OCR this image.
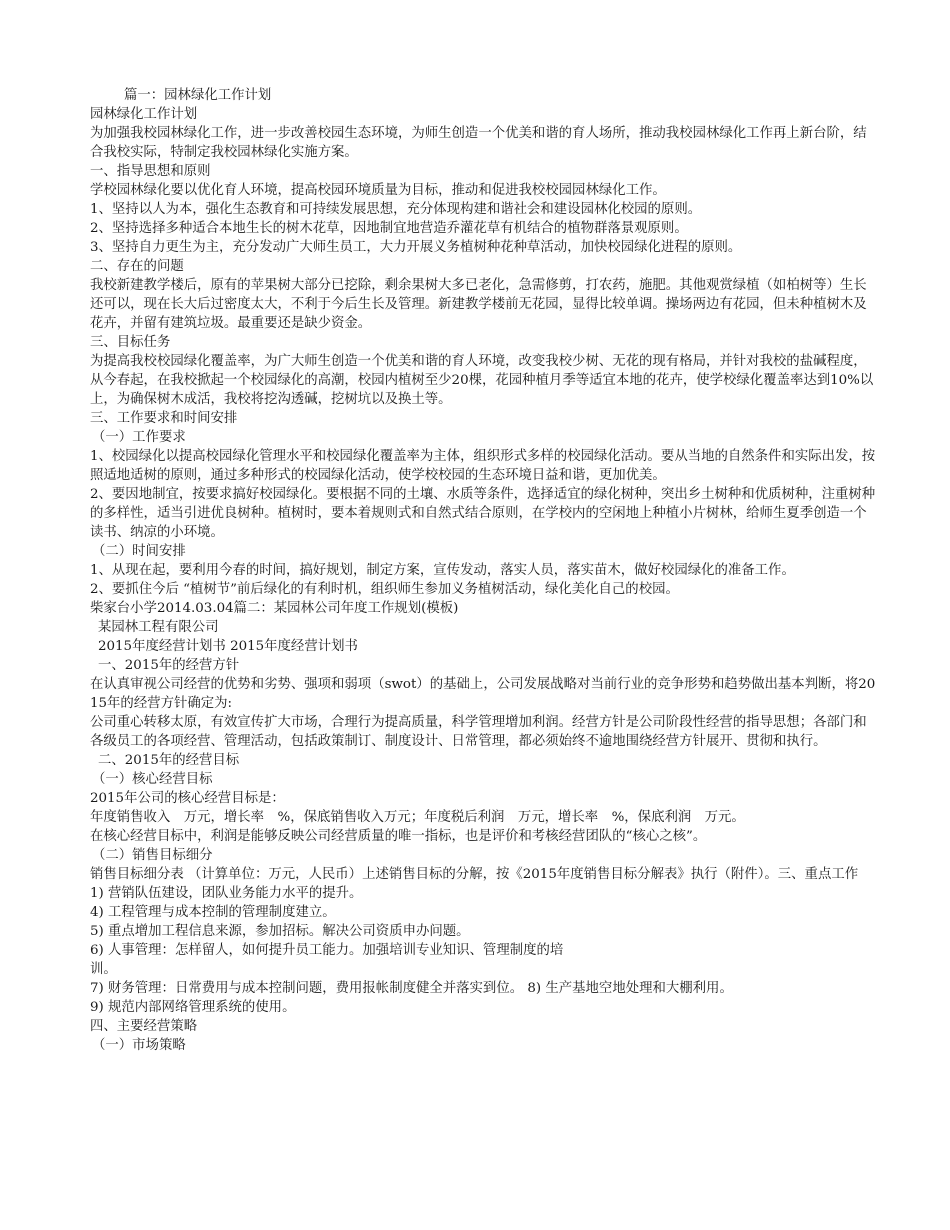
篇一：园林绿化工作计划

园林绿化工作计划

为加强我校园林绿化工作，进一步改善校园生态环境，为师生创造一个优美和谐的育人场所，推动我校园林绿化工作再上新台阶，结合我校实际，特制定我校园林绿化实施方案。

一、指导思想和原则

学校园林绿化要以优化育人环境，提高校园环境质量为目标，推动和促进我校校园园林绿化工作。

1、坚持以人为本，强化生态教育和可持续发展思想，充分体现构建和谐社会和建设园林化校园的原则。

2、坚持选择多种适合本地生长的树木花草，因地制宜地营造乔灌花草有机结合的植物群落景观原则。

3、坚持自力更生为主，充分发动广大师生员工，大力开展义务植树种花种草活动，加快校园绿化进程的原则。

二、存在的问题

我校新建教学楼后，原有的苹果树大部分已挖除，剩余果树大多已老化，急需修剪，打农药，施肥。其他观赏绿植（如柏树等）生长还可以，现在长大后过密度太大，不利于今后生长及管理。新建教学楼前无花园，显得比较单调。操场两边有花园，但未种植树木及花卉，并留有建筑垃圾。最重要还是缺少资金。

三、目标任务

为提高我校校园绿化覆盖率，为广大师生创造一个优美和谐的育人环境，改变我校少树、无花的现有格局，并针对我校的盐碱程度，从今春起，在我校掀起一个校园绿化的高潮，校园内植树至少20棵，花园种植月季等适宜本地的花卉，使学校绿化覆盖率达到10%以上，为确保树木成活，我校将挖沟透碱，挖树坑以及换土等。

三、工作要求和时间安排

（一）工作要求

1、校园绿化以提高校园绿化管理水平和校园绿化覆盖率为主体，组织形式多样的校园绿化活动。要从当地的自然条件和实际出发，按照适地适树的原则，通过多种形式的校园绿化活动，使学校校园的生态环境日益和谐，更加优美。

2、要因地制宜，按要求搞好校园绿化。要根据不同的土壤、水质等条件，选择适宜的绿化树种，突出乡土树种和优质树种，注重树种的多样性，适当引进优良树种。植树时，要本着规则式和自然式结合原则，在学校内的空闲地上种植小片树林，给师生夏季创造一个读书、纳凉的小环境。

（二）时间安排

1、从现在起，要利用今春的时间，搞好规划，制定方案，宣传发动，落实人员，落实苗木，做好校园绿化的准备工作。

2、要抓住今后 “植树节”前后绿化的有利时机，组织师生参加义务植树活动，绿化美化自己的校园。

柴家台小学2014.03.04篇二：某园林公司年度工作规划(模板)

某园林工程有限公司

2015年度经营计划书 2015年度经营计划书

一、2015年的经营方针

在认真审视公司经营的优势和劣势、强项和弱项（swot）的基础上，公司发展战略对当前行业的竞争形势和趋势做出基本判断，将2015年的经营方针确定为:

公司重心转移太原，有效宣传扩大市场，合理行为提高质量，科学管理增加利润。经营方针是公司阶段性经营的指导思想；各部门和各级员工的各项经营、管理活动，包括政策制订、制度设计、日常管理，都必须始终不逾地围绕经营方针展开、贯彻和执行。

二、2015年的经营目标

（一）核心经营目标

2015年公司的核心经营目标是：

年度销售收入　万元，增长率　%，保底销售收入万元；年度税后利润　万元，增长率　%，保底利润　万元。

在核心经营目标中，利润是能够反映公司经营质量的唯一指标，也是评价和考核经营团队的“核心之核”。

（二）销售目标细分

销售目标细分表 （计算单位：万元，人民币）上述销售目标的分解，按《2015年度销售目标分解表》执行（附件）。三、重点工作

1) 营销队伍建设，团队业务能力水平的提升。

4) 工程管理与成本控制的管理制度建立。

5) 重点增加工程信息来源，参加招标。解决公司资质申办问题。

6) 人事管理：怎样留人，如何提升员工能力。加强培训专业知识、管理制度的培

训。

7) 财务管理：日常费用与成本控制问题，费用报帐制度健全并落实到位。 8) 生产基地空地处理和大棚利用。

9) 规范内部网络管理系统的使用。

四、主要经营策略

（一）市场策略
